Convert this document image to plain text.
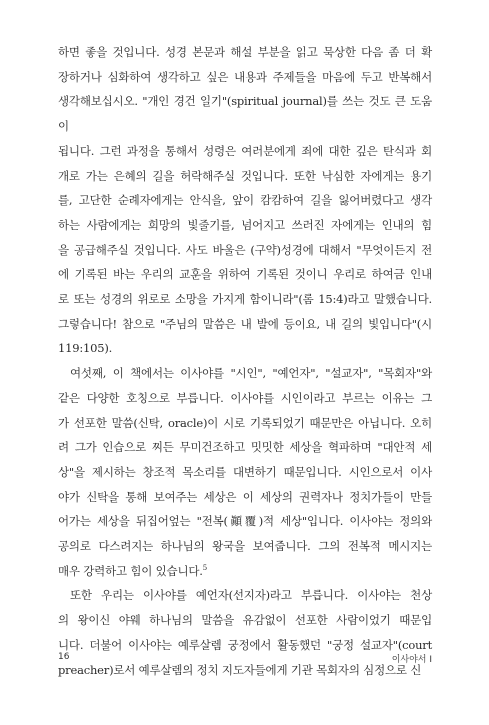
하면 좋을 것입니다. 성경 본문과 해설 부분을 읽고 묵상한 다음 좀 더 확
장하거나 심화하여 생각하고 싶은 내용과 주제들을 마음에 두고 반복해서
생각해보십시오. "개인 경건 일기"(spiritual journal)를 쓰는 것도 큰 도움이
됩니다. 그런 과정을 통해서 성령은 여러분에게 죄에 대한 깊은 탄식과 회
개로 가는 은혜의 길을 허락해주실 것입니다. 또한 낙심한 자에게는 용기
를, 고단한 순례자에게는 안식을, 앞이 캄캄하여 길을 잃어버렸다고 생각
하는 사람에게는 희망의 빛줄기를, 넘어지고 쓰러진 자에게는 인내의 힘
을 공급해주실 것입니다. 사도 바울은 (구약)성경에 대해서 "무엇이든지 전
에 기록된 바는 우리의 교훈을 위하여 기록된 것이니 우리로 하여금 인내
로 또는 성경의 위로로 소망을 가지게 함이니라"(롬 15:4)라고 말했습니다.
그렇습니다! 참으로 "주님의 말씀은 내 발에 등이요, 내 길의 빛입니다"(시
119:105).
여섯째, 이 책에서는 이사야를 "시인", "예언자", "설교자", "목회자"와
같은 다양한 호칭으로 부릅니다. 이사야를 시인이라고 부르는 이유는 그
가 선포한 말씀(신탁, oracle)이 시로 기록되었기 때문만은 아닙니다. 오히
려 그가 인습으로 찌든 무미건조하고 밋밋한 세상을 혁파하며 "대안적 세
상"을 제시하는 창조적 목소리를 대변하기 때문입니다. 시인으로서 이사
야가 신탁을 통해 보여주는 세상은 이 세상의 권력자나 정치가들이 만들
어가는 세상을 뒤집어엎는 "전복(顚覆)적 세상"입니다. 이사야는 정의와
공의로 다스려지는 하나님의 왕국을 보여줍니다. 그의 전복적 메시지는
매우 강력하고 힘이 있습니다.$^5$
또한 우리는 이사야를 예언자(선지자)라고 부릅니다. 이사야는 천상
의 왕이신 야웨 하나님의 말씀을 유감없이 선포한 사람이었기 때문입
니다. 더불어 이사야는 예루살렘 궁정에서 활동했던 "궁정 설교자"(court
preacher)로서 예루살렘의 정치 지도자들에게 기관 목회자의 심정으로 신
16	이사야서 I
